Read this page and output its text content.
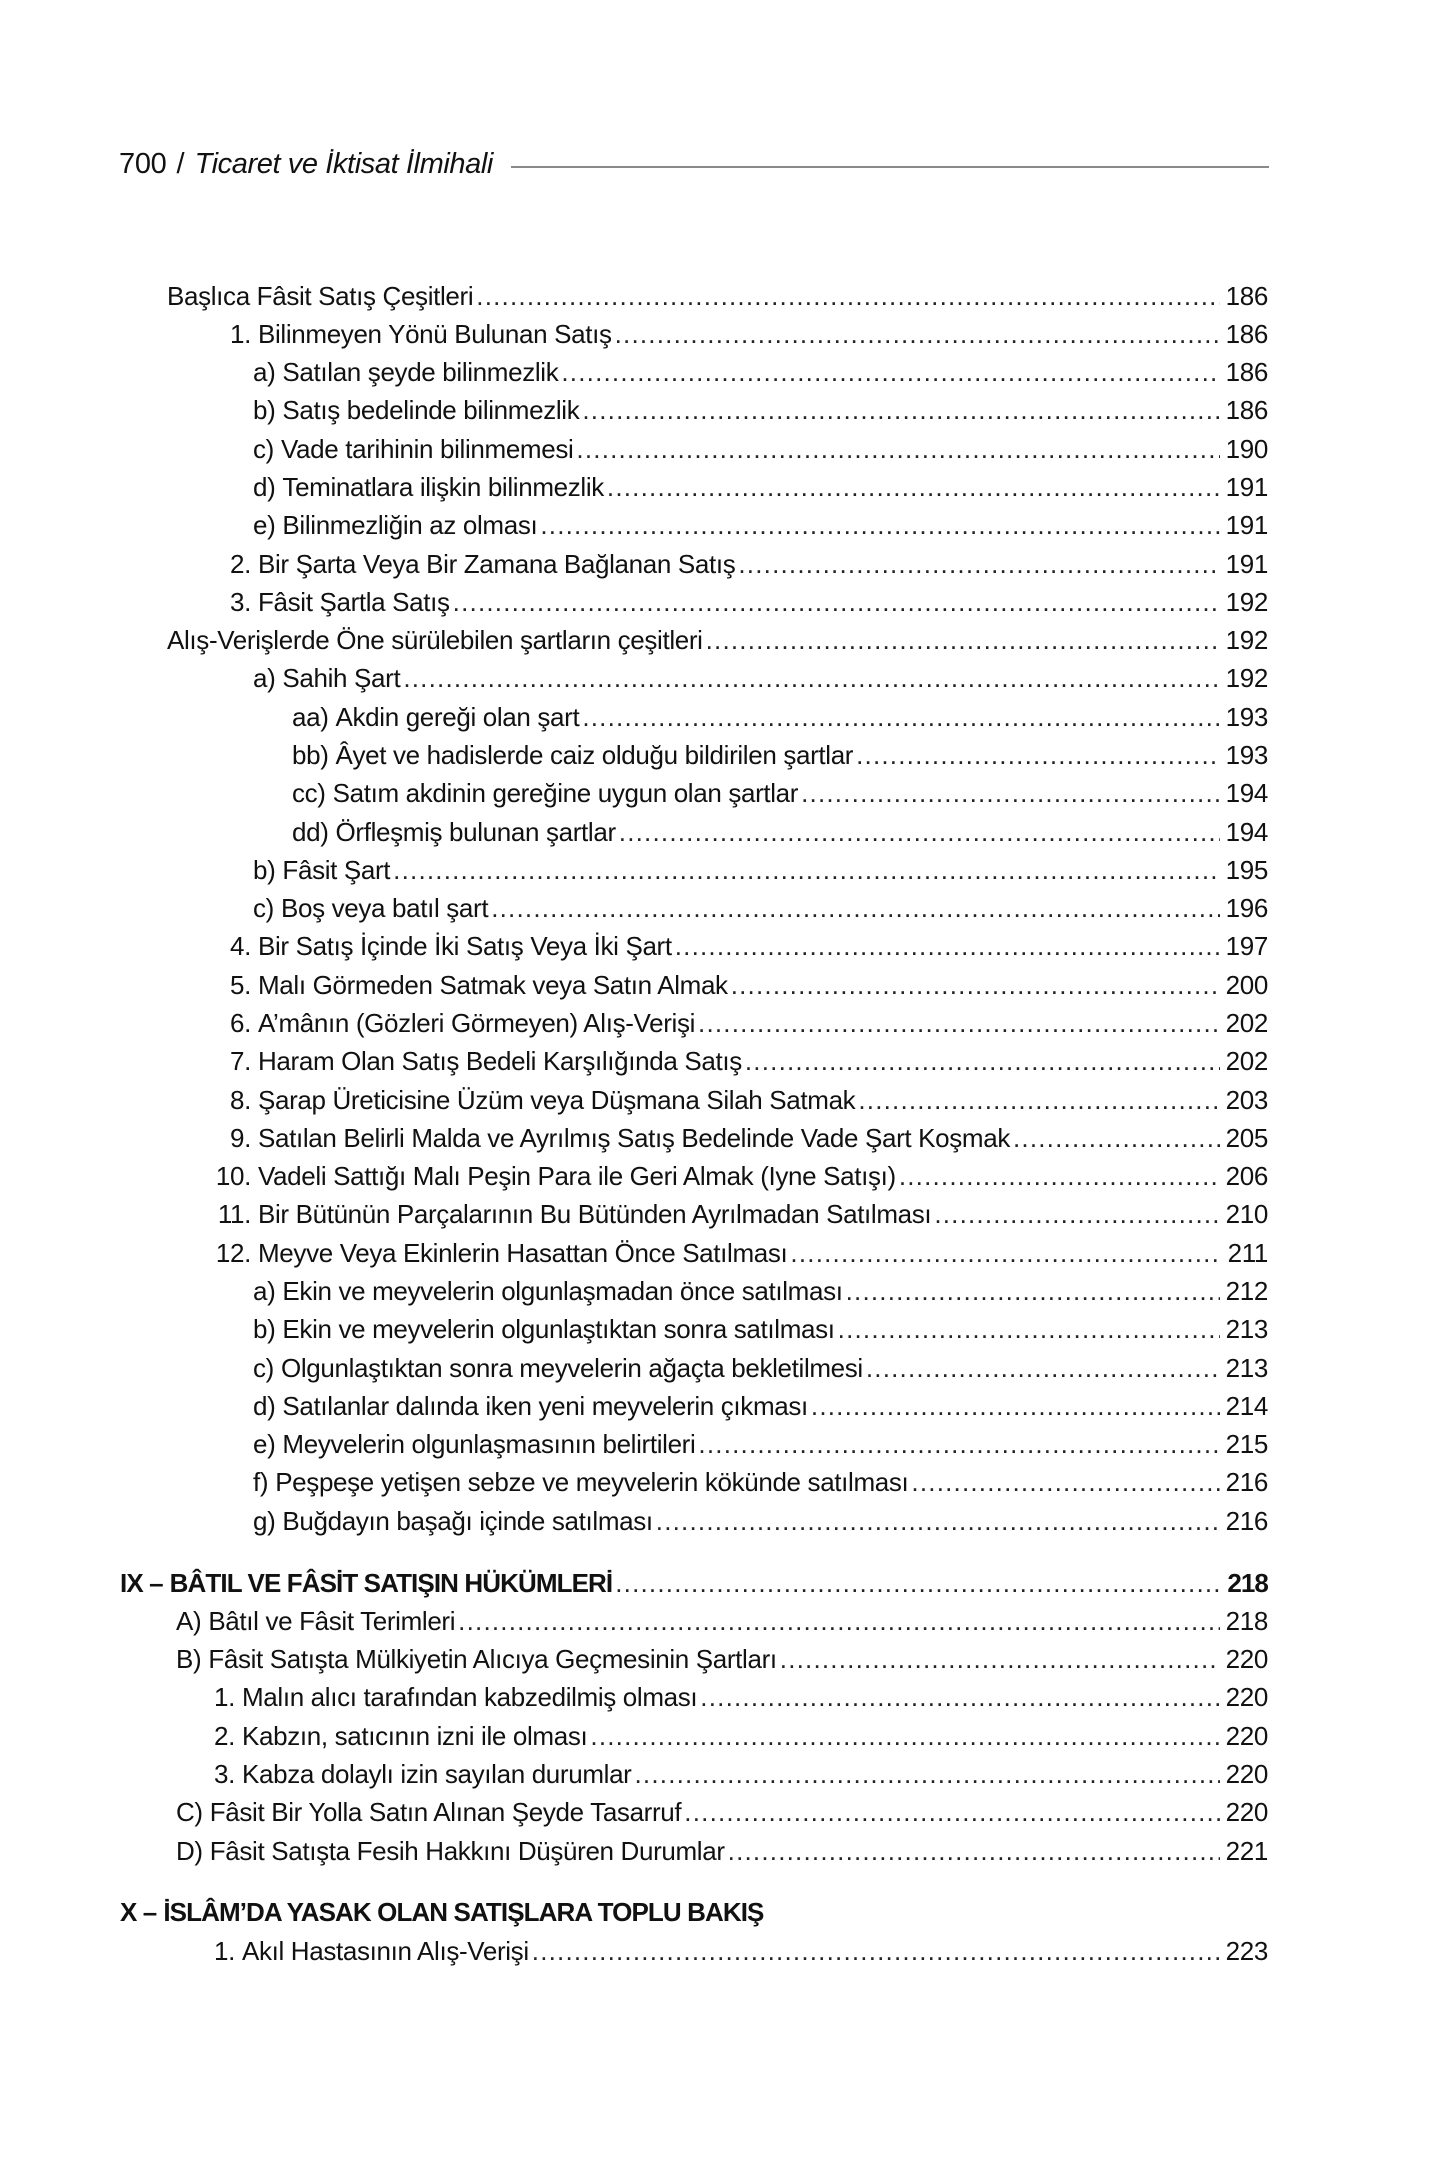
700 / Ticaret ve İktisat İlmihali
Başlıca Fâsit Satış Çeşitleri .....	186
1. Bilinmeyen Yönü Bulunan Satış .....	186
a) Satılan şeyde bilinmezlik .....	186
b) Satış bedelinde bilinmezlik .....	186
c) Vade tarihinin bilinmemesi .....	190
d) Teminatlara ilişkin bilinmezlik .....	191
e) Bilinmezliğin az olması .....	191
2. Bir Şarta Veya Bir Zamana Bağlanan Satış .....	191
3. Fâsit Şartla Satış .....	192
Alış-Verişlerde Öne sürülebilen şartların çeşitleri .....	192
a) Sahih Şart .....	192
aa) Akdin gereği olan şart .....	193
bb) Âyet ve hadislerde caiz olduğu bildirilen şartlar .....	193
cc) Satım akdinin gereğine uygun olan şartlar .....	194
dd) Örfleşmiş bulunan şartlar .....	194
b) Fâsit Şart .....	195
c) Boş veya batıl şart .....	196
4. Bir Satış İçinde İki Satış Veya İki Şart .....	197
5. Malı Görmeden Satmak veya Satın Almak .....	200
6. A’mânın (Gözleri Görmeyen) Alış-Verişi .....	202
7. Haram Olan Satış Bedeli Karşılığında Satış .....	202
8. Şarap Üreticisine Üzüm veya Düşmana Silah Satmak .....	203
9. Satılan Belirli Malda ve Ayrılmış Satış Bedelinde Vade Şart Koşmak .....	205
10. Vadeli Sattığı Malı Peşin Para ile Geri Almak (Iyne Satışı) .....	206
11. Bir Bütünün Parçalarının Bu Bütünden Ayrılmadan Satılması .....	210
12. Meyve Veya Ekinlerin Hasattan Önce Satılması .....	211
a) Ekin ve meyvelerin olgunlaşmadan önce satılması .....	212
b) Ekin ve meyvelerin olgunlaştıktan sonra satılması .....	213
c) Olgunlaştıktan sonra meyvelerin ağaçta bekletilmesi .....	213
d) Satılanlar dalında iken yeni meyvelerin çıkması .....	214
e) Meyvelerin olgunlaşmasının belirtileri .....	215
f) Peşpeşe yetişen sebze ve meyvelerin kökünde satılması .....	216
g) Buğdayın başağı içinde satılması .....	216
IX – BÂTIL VE FÂSİT SATIŞIN HÜKÜMLERİ .....	218
A) Bâtıl ve Fâsit Terimleri .....	218
B) Fâsit Satışta Mülkiyetin Alıcıya Geçmesinin Şartları .....	220
1. Malın alıcı tarafından kabzedilmiş olması .....	220
2. Kabzın, satıcının izni ile olması .....	220
3. Kabza dolaylı izin sayılan durumlar .....	220
C) Fâsit Bir Yolla Satın Alınan Şeyde Tasarruf .....	220
D) Fâsit Satışta Fesih Hakkını Düşüren Durumlar .....	221
X – İSLÂM’DA YASAK OLAN SATIŞLARA TOPLU BAKIŞ
1. Akıl Hastasının Alış-Verişi .....	223
